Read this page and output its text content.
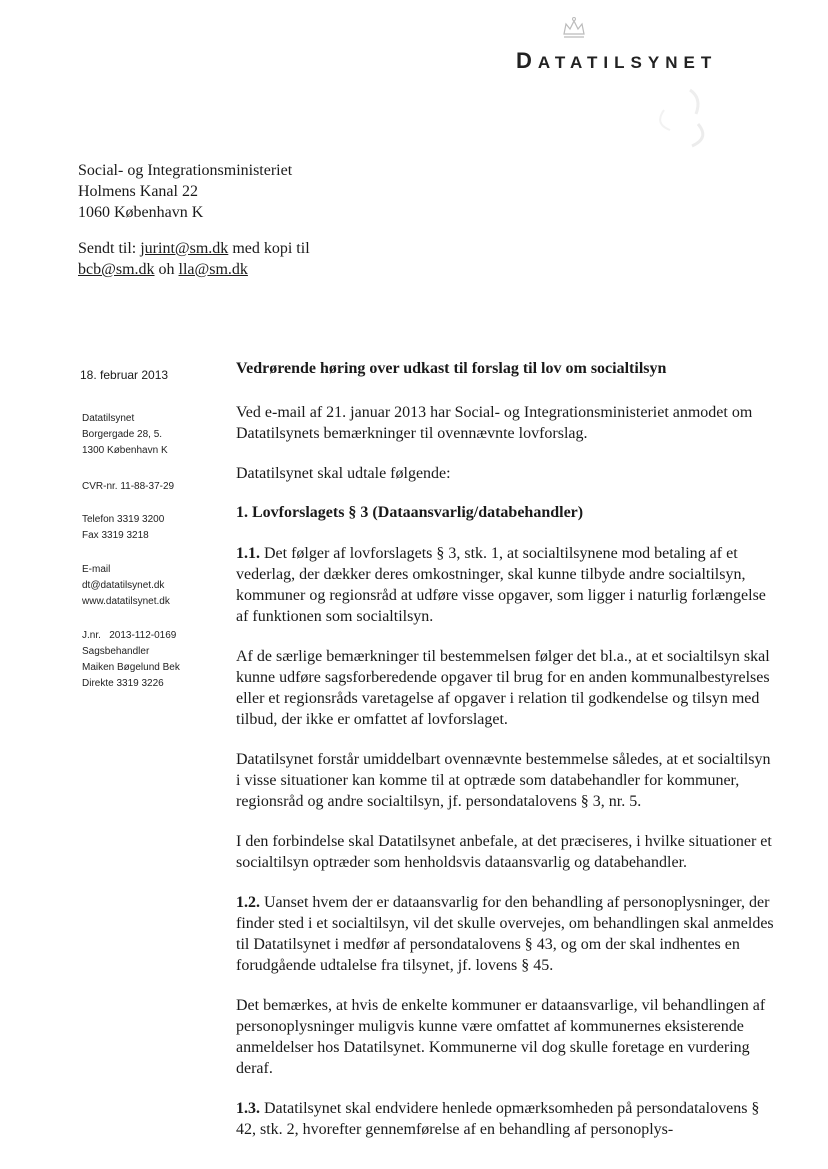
DATATILSYNET
Social- og Integrationsministeriet
Holmens Kanal 22
1060 København K
Sendt til: jurint@sm.dk med kopi til
bcb@sm.dk oh lla@sm.dk
18. februar 2013
Datatilsynet
Borgergade 28, 5.
1300 København K
CVR-nr. 11-88-37-29
Telefon 3319 3200
Fax 3319 3218
E-mail
dt@datatilsynet.dk
www.datatilsynet.dk
J.nr.   2013-112-0169
Sagsbehandler
Maiken Bøgelund Bek
Direkte 3319 3226
Vedrørende høring over udkast til forslag til lov om socialtilsyn

Ved e-mail af 21. januar 2013 har Social- og Integrationsministeriet anmodet om Datatilsynets bemærkninger til ovennævnte lovforslag.

Datatilsynet skal udtale følgende:

1. Lovforslagets § 3 (Dataansvarlig/databehandler)

1.1. Det følger af lovforslagets § 3, stk. 1, at socialtilsynene mod betaling af et vederlag, der dækker deres omkostninger, skal kunne tilbyde andre socialtilsyn, kommuner og regionsråd at udføre visse opgaver, som ligger i naturlig forlængelse af funktionen som socialtilsyn.

Af de særlige bemærkninger til bestemmelsen følger det bl.a., at et socialtilsyn skal kunne udføre sagsforberedende opgaver til brug for en anden kommunalbestyrelses eller et regionsråds varetagelse af opgaver i relation til godkendelse og tilsyn med tilbud, der ikke er omfattet af lovforslaget.

Datatilsynet forstår umiddelbart ovennævnte bestemmelse således, at et socialtilsyn i visse situationer kan komme til at optræde som databehandler for kommuner, regionsråd og andre socialtilsyn, jf. persondatalovens § 3, nr. 5.

I den forbindelse skal Datatilsynet anbefale, at det præciseres, i hvilke situationer et socialtilsyn optræder som henholdsvis dataansvarlig og databehandler.

1.2. Uanset hvem der er dataansvarlig for den behandling af personoplysninger, der finder sted i et socialtilsyn, vil det skulle overvejes, om behandlingen skal anmeldes til Datatilsynet i medfør af persondatalovens § 43, og om der skal indhentes en forudgående udtalelse fra tilsynet, jf. lovens § 45.

Det bemærkes, at hvis de enkelte kommuner er dataansvarlige, vil behandlingen af personoplysninger muligvis kunne være omfattet af kommunernes eksisterende anmeldelser hos Datatilsynet. Kommunerne vil dog skulle foretage en vurdering deraf.

1.3. Datatilsynet skal endvidere henlede opmærksomheden på persondatalovens § 42, stk. 2, hvorefter gennemførelse af en behandling af personoplys-
